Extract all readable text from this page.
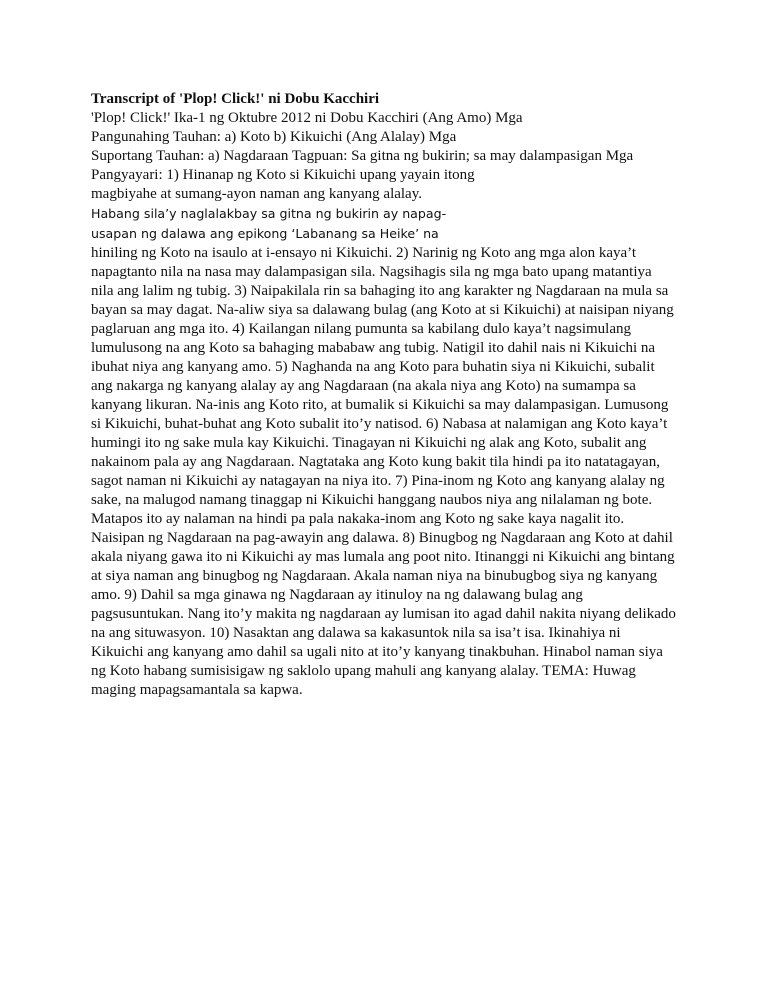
Transcript of 'Plop! Click!' ni Dobu Kacchiri
'Plop! Click!' Ika-1 ng Oktubre 2012 ni Dobu Kacchiri (Ang Amo) Mga
Pangunahing Tauhan: a) Koto b) Kikuichi (Ang Alalay) Mga
Suportang Tauhan: a) Nagdaraan Tagpuan: Sa gitna ng bukirin; sa may dalampasigan Mga
Pangyayari: 1) Hinanap ng Koto si Kikuichi upang yayain itong
magbiyahe at sumang-ayon naman ang kanyang alalay.
Habang sila’y naglalakbay sa gitna ng bukirin ay napag-
usapan ng dalawa ang epikong ‘Labanang sa Heike’ na
hiniling ng Koto na isaulo at i-ensayo ni Kikuichi. 2) Narinig ng Koto ang mga alon kaya’t
napagtanto nila na nasa may dalampasigan sila. Nagsihagis sila ng mga bato upang matantiya
nila ang lalim ng tubig. 3) Naipakilala rin sa bahaging ito ang karakter ng Nagdaraan na mula sa
bayan sa may dagat. Na-aliw siya sa dalawang bulag (ang Koto at si Kikuichi) at naisipan niyang
paglaruan ang mga ito. 4) Kailangan nilang pumunta sa kabilang dulo kaya’t nagsimulang
lumulusong na ang Koto sa bahaging mababaw ang tubig. Natigil ito dahil nais ni Kikuichi na
ibuhat niya ang kanyang amo. 5) Naghanda na ang Koto para buhatin siya ni Kikuichi, subalit
ang nakarga ng kanyang alalay ay ang Nagdaraan (na akala niya ang Koto) na sumampa sa
kanyang likuran. Na-inis ang Koto rito, at bumalik si Kikuichi sa may dalampasigan. Lumusong
si Kikuichi, buhat-buhat ang Koto subalit ito’y natisod. 6) Nabasa at nalamigan ang Koto kaya’t
humingi ito ng sake mula kay Kikuichi. Tinagayan ni Kikuichi ng alak ang Koto, subalit ang
nakainom pala ay ang Nagdaraan. Nagtataka ang Koto kung bakit tila hindi pa ito natatagayan,
sagot naman ni Kikuichi ay natagayan na niya ito. 7) Pina-inom ng Koto ang kanyang alalay ng
sake, na malugod namang tinaggap ni Kikuichi hanggang naubos niya ang nilalaman ng bote.
Matapos ito ay nalaman na hindi pa pala nakaka-inom ang Koto ng sake kaya nagalit ito.
Naisipan ng Nagdaraan na pag-awayin ang dalawa. 8) Binugbog ng Nagdaraan ang Koto at dahil
akala niyang gawa ito ni Kikuichi ay mas lumala ang poot nito. Itinanggi ni Kikuichi ang bintang
at siya naman ang binugbog ng Nagdaraan. Akala naman niya na binubugbog siya ng kanyang
amo. 9) Dahil sa mga ginawa ng Nagdaraan ay itinuloy na ng dalawang bulag ang
pagsusuntukan. Nang ito’y makita ng nagdaraan ay lumisan ito agad dahil nakita niyang delikado
na ang situwasyon. 10) Nasaktan ang dalawa sa kakasuntok nila sa isa’t isa. Ikinahiya ni
Kikuichi ang kanyang amo dahil sa ugali nito at ito’y kanyang tinakbuhan. Hinabol naman siya
ng Koto habang sumisisigaw ng saklolo upang mahuli ang kanyang alalay. TEMA: Huwag
maging mapagsamantala sa kapwa.
